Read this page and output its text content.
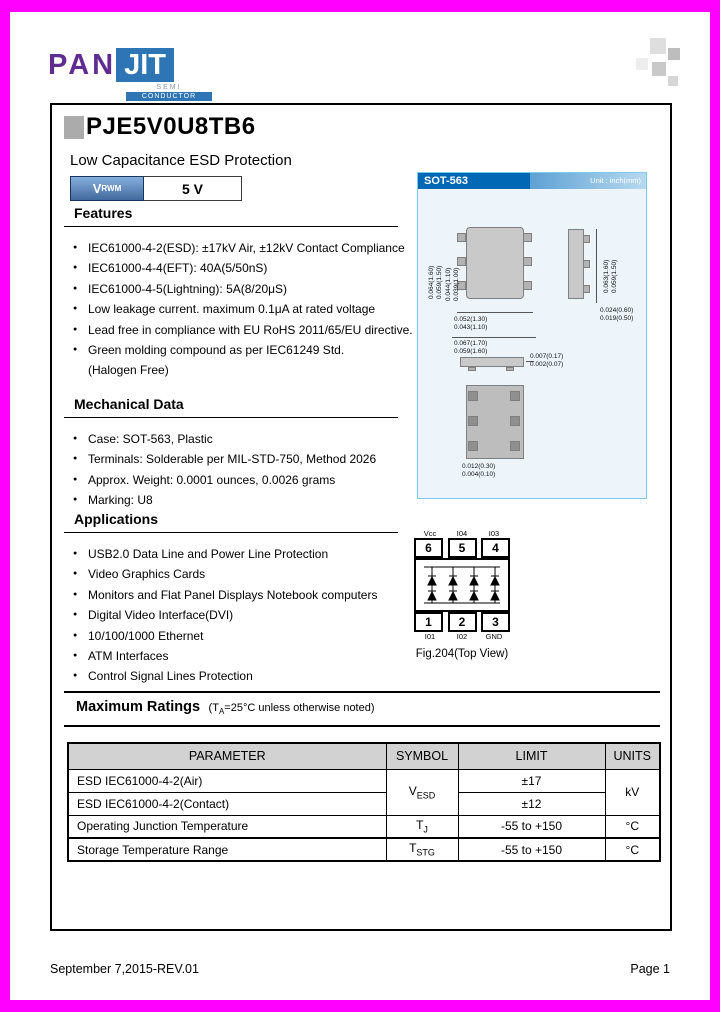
PAN JIT
SEMI
CONDUCTOR
PJE5V0U8TB6
Low Capacitance ESD Protection
V RWM	5 V	SOT-563	Unit : inch(mm)
0.064(1.60) 0.059(1.50) 0.044(1.10) 0.039(1.00)	0.063(1.60) 0.059(1.50)
0.052(1.30)
0.043(1.10)
0.067(1.70)
0.059(1.60)
0.024(0.60)
0.019(0.50)
0.007(0.17)
0.002(0.07)
0.012(0.30)
0.004(0.10)
Features
● IEC61000-4-2(ESD): ±17kV Air, ±12kV Contact Compliance
● IEC61000-4-4(EFT): 40A(5/50nS)
● IEC61000-4-5(Lightning): 5A(8/20μS)
● Low leakage current. maximum 0.1μA at rated voltage
● Lead free in compliance with EU RoHS 2011/65/EU directive.
● Green molding compound as per IEC61249 Std.
(Halogen Free)
Mechanical Data
● Case: SOT-563, Plastic
● Terminals: Solderable per MIL-STD-750, Method 2026
● Approx. Weight: 0.0001 ounces, 0.0026 grams
● Marking: U8
Applications
● USB2.0 Data Line and Power Line Protection
● Video Graphics Cards
● Monitors and Flat Panel Displays Notebook computers
● Digital Video Interface(DVI)
● 10/100/1000 Ethernet
● ATM Interfaces
● Control Signal Lines Protection
Vcc	I04	I03
6	5	4
1	2	3
I01	I02	GND
Fig.204(Top View)
Maximum Ratings ($T_A=25^\circ C$ unless otherwise noted)
PARAMETER	SYMBOL	LIMIT	UNITS
ESD IEC61000-4-2(Air)	$V_{ESD}$	±17	kV
ESD IEC61000-4-2(Contact)		±12	
Operating Junction Temperature	$T_J$	-55 to +150	°C
Storage Temperature Range	$T_{STG}$	-55 to +150	°C
September 7,2015-REV.01	Page 1
